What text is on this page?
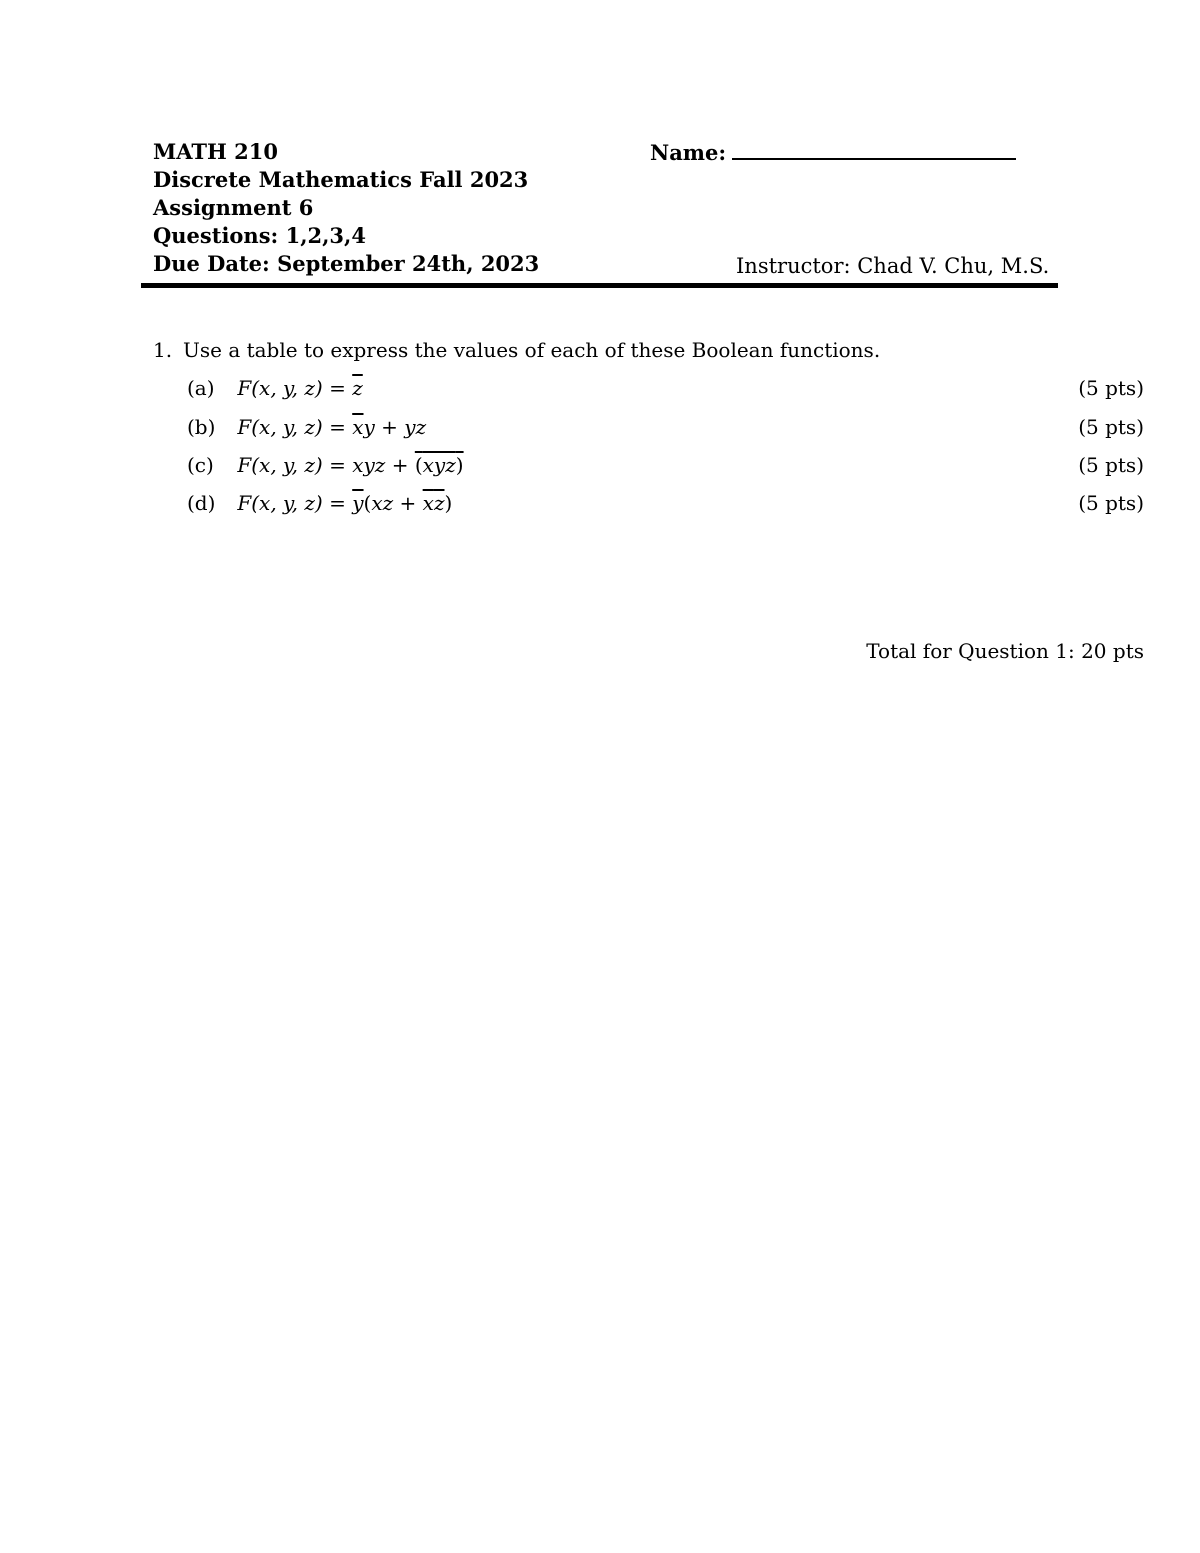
MATH 210
Discrete Mathematics Fall 2023
Assignment 6
Questions: 1,2,3,4
Due Date: September 24th, 2023
Name:
Instructor: Chad V. Chu, M.S.
1. Use a table to express the values of each of these Boolean functions.
(a) F(x, y, $z) = \overline{z}$	(5 pts)
(b) F(x, y, $z) = \overline{x}y$ + yz	(5 pts)
(c) F(x, y, z) = xyz + (xyz)	(5 pts)
(d) F(x, y, $z) = \overline{y}(xz + \overline{x}\overline{z})$	(5 pts)
Total for Question 1: 20 pts
